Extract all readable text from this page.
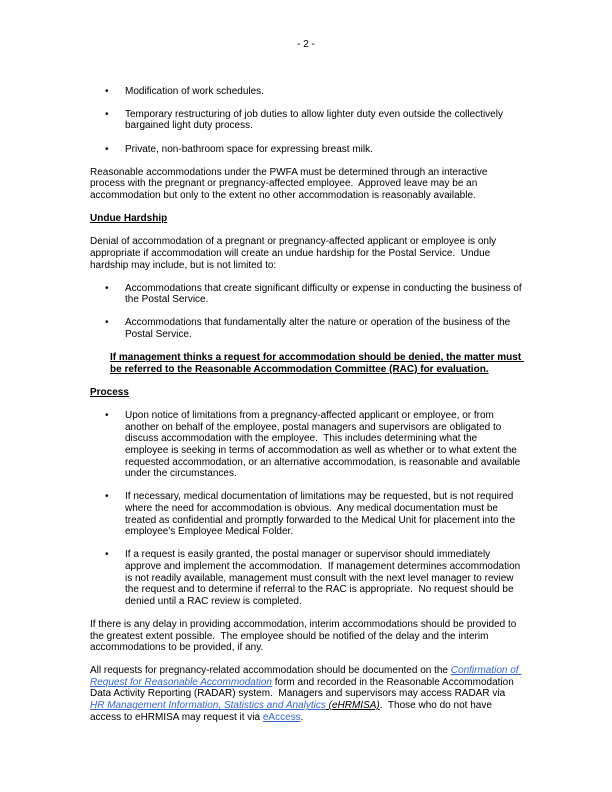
- 2 -
•	Modification of work schedules.
•	Temporary restructuring of job duties to allow lighter duty even outside the collectively bargained light duty process.
•	Private, non-bathroom space for expressing breast milk.

Reasonable accommodations under the PWFA must be determined through an interactive process with the pregnant or pregnancy-affected employee.  Approved leave may be an accommodation but only to the extent no other accommodation is reasonably available.

Undue Hardship

Denial of accommodation of a pregnant or pregnancy-affected applicant or employee is only appropriate if accommodation will create an undue hardship for the Postal Service.  Undue hardship may include, but is not limited to:

•	Accommodations that create significant difficulty or expense in conducting the business of the Postal Service.
•	Accommodations that fundamentally alter the nature or operation of the business of the Postal Service.

If management thinks a request for accommodation should be denied, the matter must be referred to the Reasonable Accommodation Committee (RAC) for evaluation.

Process

•	Upon notice of limitations from a pregnancy-affected applicant or employee, or from another on behalf of the employee, postal managers and supervisors are obligated to discuss accommodation with the employee.  This includes determining what the employee is seeking in terms of accommodation as well as whether or to what extent the requested accommodation, or an alternative accommodation, is reasonable and available under the circumstances.
•	If necessary, medical documentation of limitations may be requested, but is not required where the need for accommodation is obvious.  Any medical documentation must be treated as confidential and promptly forwarded to the Medical Unit for placement into the employee's Employee Medical Folder.
•	If a request is easily granted, the postal manager or supervisor should immediately approve and implement the accommodation.  If management determines accommodation is not readily available, management must consult with the next level manager to review the request and to determine if referral to the RAC is appropriate.  No request should be denied until a RAC review is completed.

If there is any delay in providing accommodation, interim accommodations should be provided to the greatest extent possible.  The employee should be notified of the delay and the interim accommodations to be provided, if any.

All requests for pregnancy-related accommodation should be documented on the Confirmation of Request for Reasonable Accommodation form and recorded in the Reasonable Accommodation Data Activity Reporting (RADAR) system.  Managers and supervisors may access RADAR via HR Management Information, Statistics and Analytics (eHRMISA).  Those who do not have access to eHRMISA may request it via eAccess.
